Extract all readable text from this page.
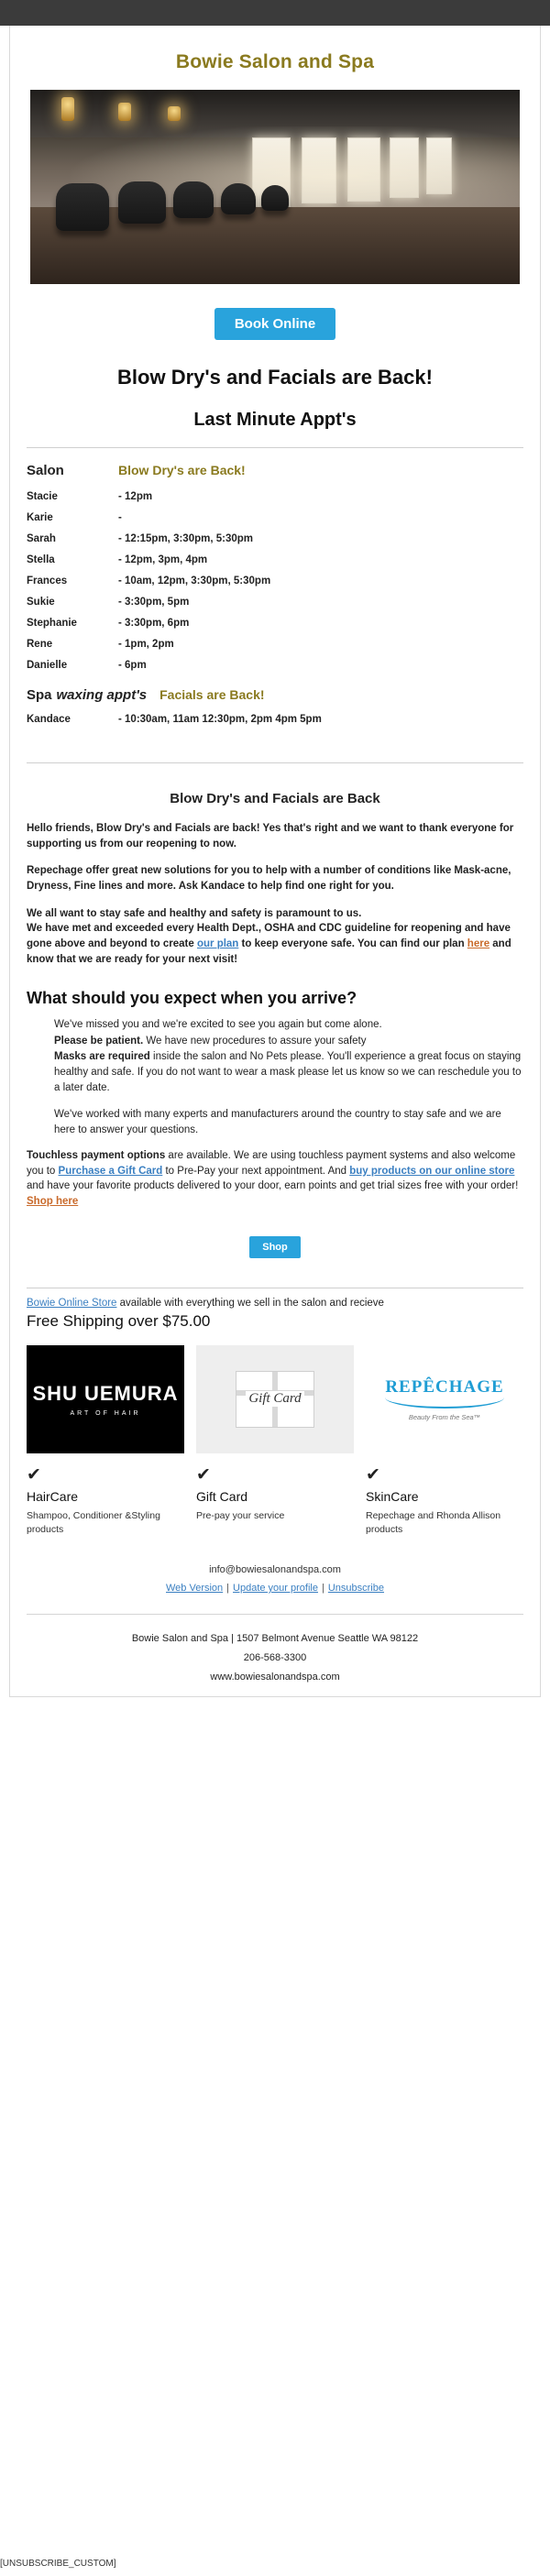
Bowie Salon and Spa
Book Online
Blow Dry's and Facials are Back!
Last Minute Appt's
Salon	Blow Dry's are Back!
Stacie	- 12pm
Karie	-
Sarah	- 12:15pm, 3:30pm, 5:30pm
Stella	- 12pm, 3pm, 4pm
Frances	- 10am, 12pm, 3:30pm, 5:30pm
Sukie	- 3:30pm, 5pm
Stephanie	- 3:30pm, 6pm
Rene	- 1pm, 2pm
Danielle	- 6pm
Spa waxing appt's Facials are Back!
Kandace	- 10:30am, 11am 12:30pm, 2pm 4pm 5pm
Blow Dry's and Facials are Back

Hello friends, Blow Dry's and Facials are back! Yes that's right and we want to thank everyone for supporting us from our reopening to now.

Repechage offer great new solutions for you to help with a number of conditions like Mask-acne, Dryness, Fine lines and more. Ask Kandace to help find one right for you.

We all want to stay safe and healthy and safety is paramount to us.
We have met and exceeded every Health Dept., OSHA and CDC guideline for reopening and have gone above and beyond to create our plan to keep everyone safe. You can find our plan here and know that we are ready for your next visit!

What should you expect when you arrive?

We've missed you and we're excited to see you again but come alone.
Please be patient. We have new procedures to assure your safety
Masks are required inside the salon and No Pets please. You'll experience a great focus on staying healthy and safe. If you do not want to wear a mask please let us know so we can reschedule you to a later date.

We've worked with many experts and manufacturers around the country to stay safe and we are here to answer your questions.

Touchless payment options are available. We are using touchless payment systems and also welcome you to Purchase a Gift Card to Pre-Pay your next appointment. And buy products on our online store and have your favorite products delivered to your door, earn points and get trial sizes free with your order! Shop here

Shop
Bowie Online Store available with everything we sell in the salon and recieve
Free Shipping over $75.00
SHU UEMURA
ART OF HAIR
✔
HairCare
Shampoo, Conditioner &Styling products
Gift Card
✔
Gift Card
Pre-pay your service
REPÊCHAGE
Beauty From the Sea™
✔
SkinCare
Repechage and Rhonda Allison products
info@bowiesalonandspa.com
Web Version | Update your profile | Unsubscribe
Bowie Salon and Spa | 1507 Belmont Avenue Seattle WA 98122
206-568-3300
www.bowiesalonandspa.com
[UNSUBSCRIBE_CUSTOM]
